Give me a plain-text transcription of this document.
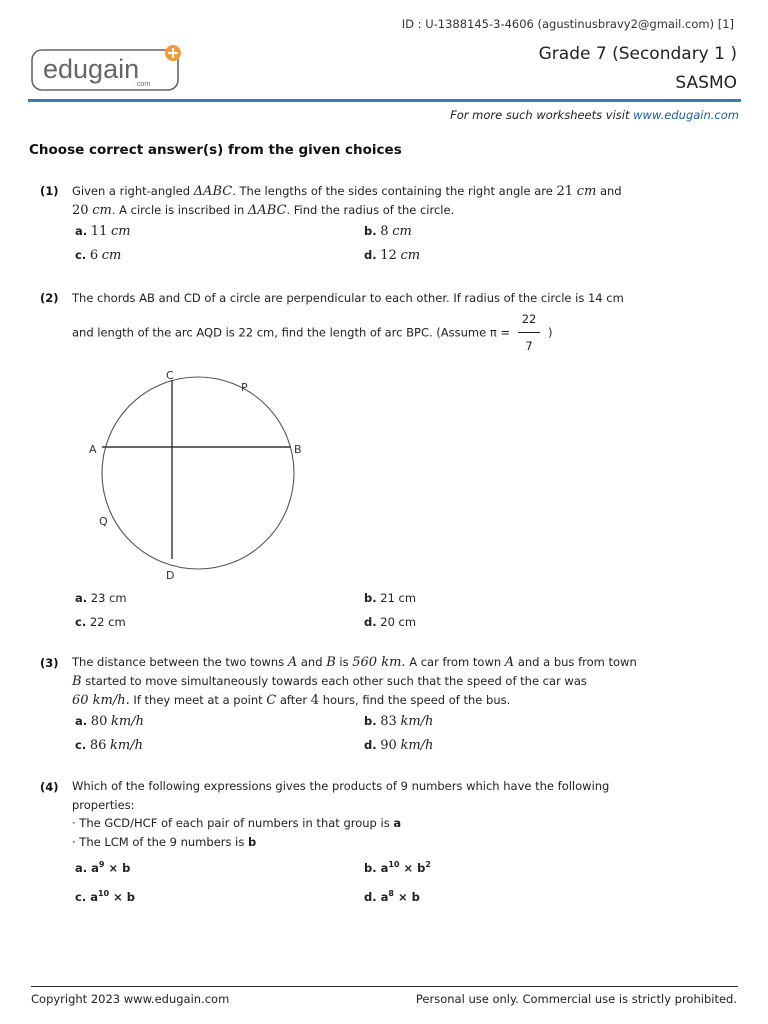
ID : U-1388145-3-4606 (agustinusbravy2@gmail.com) [1]
edugain
.com
Grade 7 (Secondary 1 )
SASMO
For more such worksheets visit www.edugain.com
Choose correct answer(s) from the given choices
(1) Given a right-angled ΔABC. The lengths of the sides containing the right angle are 21 cm and
20 cm. A circle is inscribed in ΔABC. Find the radius of the circle.
a. 11 cm	b. 8 cm
c. 6 cm	d. 12 cm
(2) The chords AB and CD of a circle are perpendicular to each other. If radius of the circle is 14 cm
and length of the arc AQD is 22 cm, find the length of arc BPC. (Assume $\pi = \frac{22}{7}$ )
C
P
A	B
Q
D
a. 23 cm	b. 21 cm
c. 22 cm	d. 20 cm
(3) The distance between the two towns A and B is 560 km. A car from town A and a bus from town
B started to move simultaneously towards each other such that the speed of the car was
60 km/h. If they meet at a point C after 4 hours, find the speed of the bus.
a. 80 km/h	b. 83 km/h
c. 86 km/h	d. 90 km/h
(4) Which of the following expressions gives the products of 9 numbers which have the following
properties:
· The GCD/HCF of each pair of numbers in that group is a
· The LCM of the 9 numbers is b
a. $a^9 \times b$	b. $a^{10} \times b^2$
c. $a^{10} \times b$	d. $a^8 \times b$
Copyright 2023 www.edugain.com	Personal use only. Commercial use is strictly prohibited.
